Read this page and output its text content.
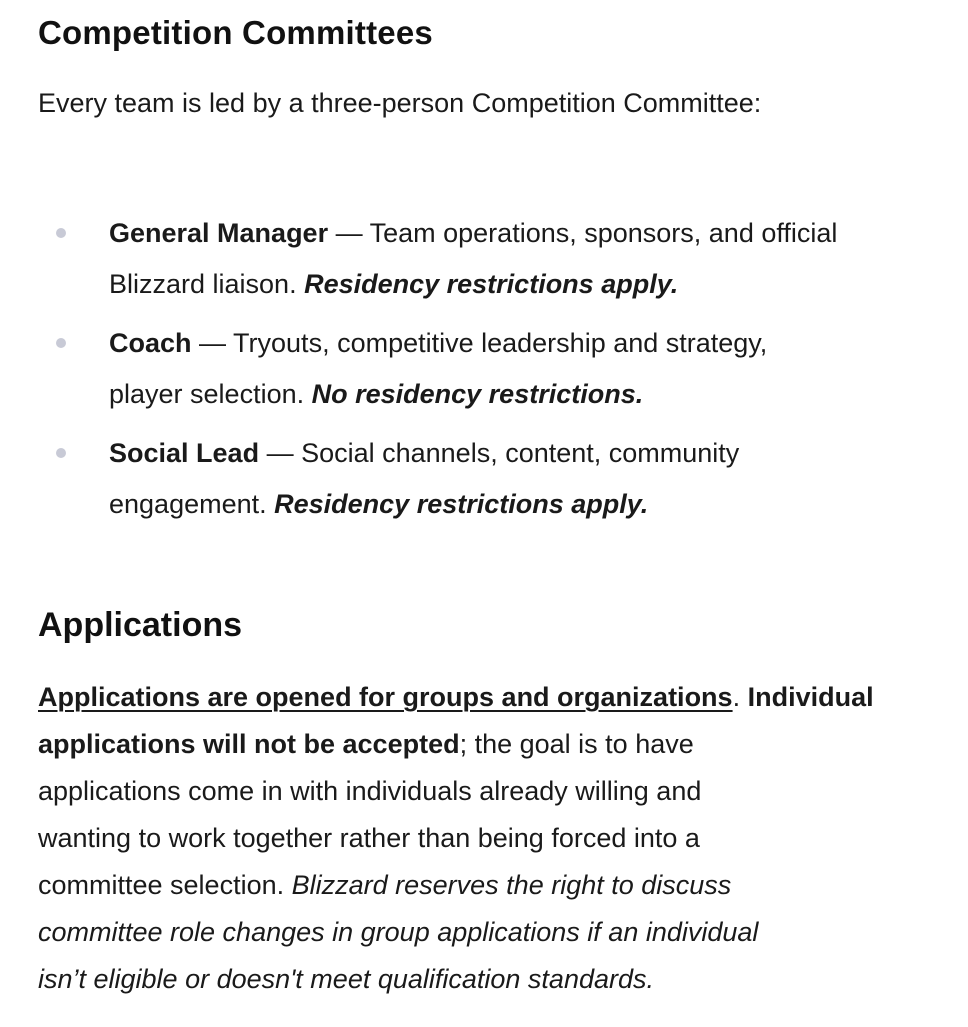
Competition Committees
Every team is led by a three-person Competition Committee:
General Manager — Team operations, sponsors, and official
Blizzard liaison. Residency restrictions apply.
Coach — Tryouts, competitive leadership and strategy,
player selection. No residency restrictions.
Social Lead — Social channels, content, community
engagement. Residency restrictions apply.
Applications
Applications are opened for groups and organizations. Individual
applications will not be accepted; the goal is to have
applications come in with individuals already willing and
wanting to work together rather than being forced into a
committee selection. Blizzard reserves the right to discuss
committee role changes in group applications if an individual
isn’t eligible or doesn't meet qualification standards.
